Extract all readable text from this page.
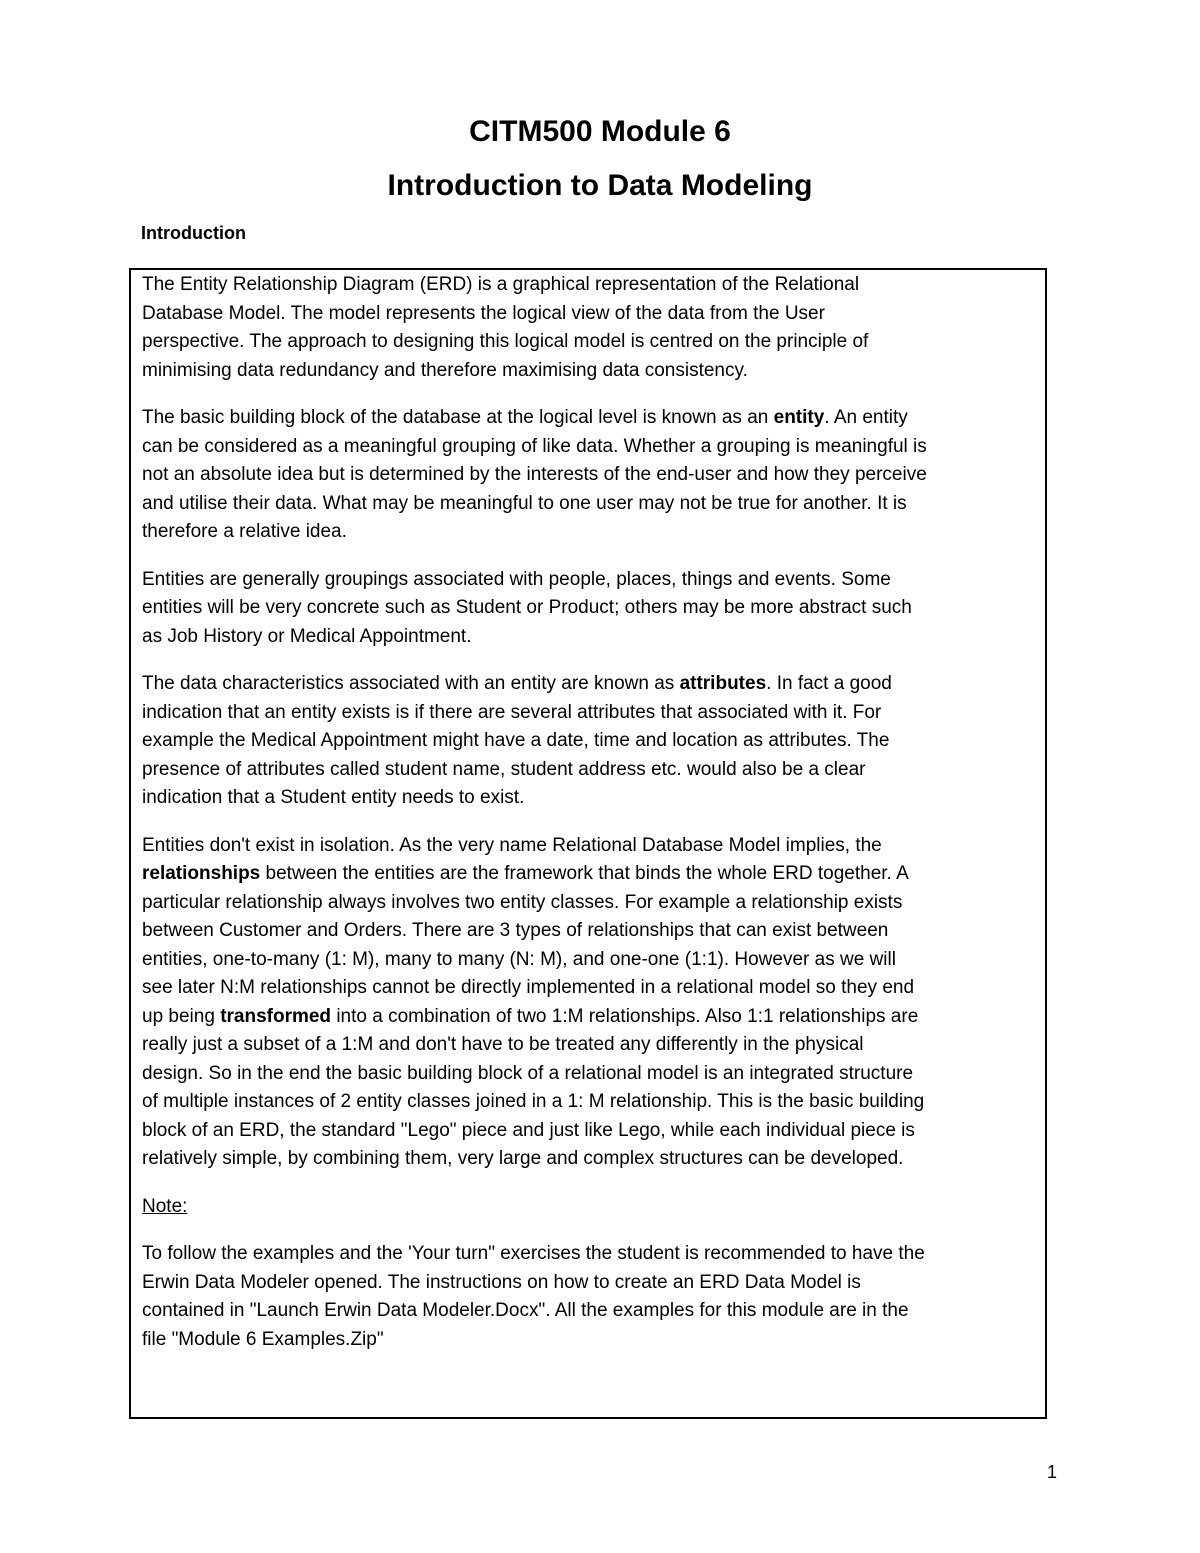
CITM500 Module 6
Introduction to Data Modeling
Introduction
The Entity Relationship Diagram (ERD) is a graphical representation of the Relational
Database Model. The model represents the logical view of the data from the User
perspective. The approach to designing this logical model is centred on the principle of
minimising data redundancy and therefore maximising data consistency.
The basic building block of the database at the logical level is known as an entity. An entity
can be considered as a meaningful grouping of like data. Whether a grouping is meaningful is
not an absolute idea but is determined by the interests of the end-user and how they perceive
and utilise their data. What may be meaningful to one user may not be true for another. It is
therefore a relative idea.
Entities are generally groupings associated with people, places, things and events. Some
entities will be very concrete such as Student or Product; others may be more abstract such
as Job History or Medical Appointment.
The data characteristics associated with an entity are known as attributes. In fact a good
indication that an entity exists is if there are several attributes that associated with it. For
example the Medical Appointment might have a date, time and location as attributes. The
presence of attributes called student name, student address etc. would also be a clear
indication that a Student entity needs to exist.
Entities don't exist in isolation. As the very name Relational Database Model implies, the
relationships between the entities are the framework that binds the whole ERD together. A
particular relationship always involves two entity classes. For example a relationship exists
between Customer and Orders. There are 3 types of relationships that can exist between
entities, one-to-many (1: M), many to many (N: M), and one-one (1:1). However as we will
see later N:M relationships cannot be directly implemented in a relational model so they end
up being transformed into a combination of two 1:M relationships. Also 1:1 relationships are
really just a subset of a 1:M and don't have to be treated any differently in the physical
design. So in the end the basic building block of a relational model is an integrated structure
of multiple instances of 2 entity classes joined in a 1: M relationship. This is the basic building
block of an ERD, the standard "Lego" piece and just like Lego, while each individual piece is
relatively simple, by combining them, very large and complex structures can be developed.
Note:
To follow the examples and the 'Your turn" exercises the student is recommended to have the
Erwin Data Modeler opened. The instructions on how to create an ERD Data Model is
contained in "Launch Erwin Data Modeler.Docx". All the examples for this module are in the
file "Module 6 Examples.Zip"
1
